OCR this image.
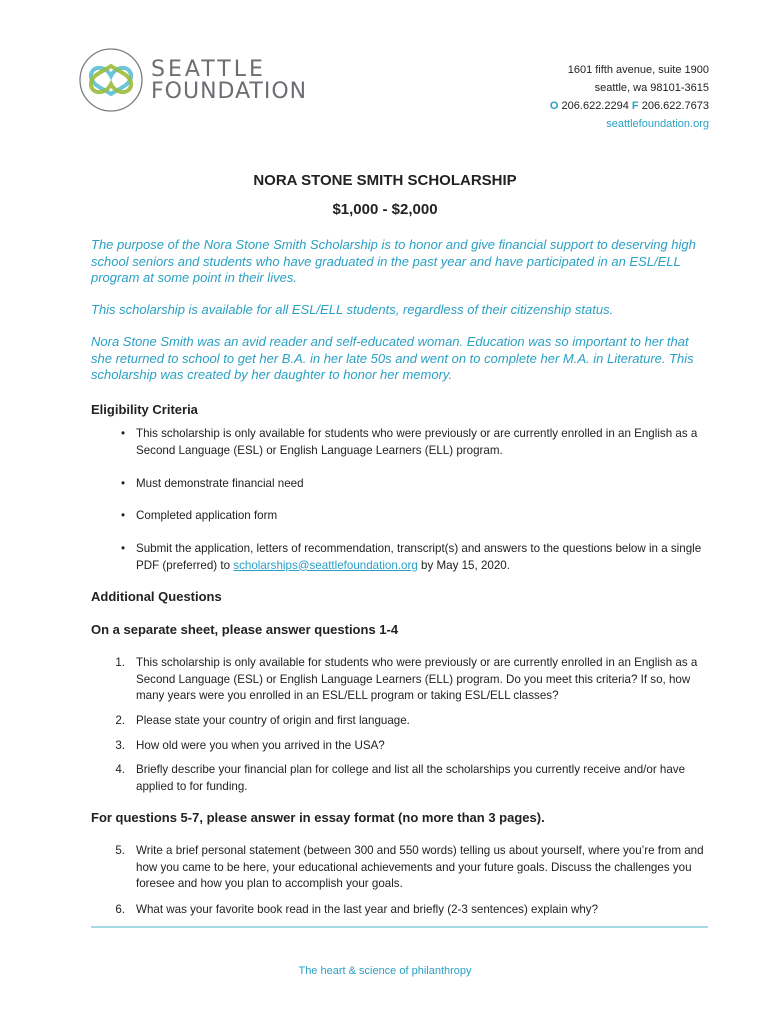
SEATTLE
FOUNDATION
1601 fifth avenue, suite 1900
seattle, wa 98101-3615
O 206.622.2294 F 206.622.7673
seattlefoundation.org
NORA STONE SMITH SCHOLARSHIP
$1,000 - $2,000
The purpose of the Nora Stone Smith Scholarship is to honor and give financial support to deserving high school seniors and students who have graduated in the past year and have participated in an ESL/ELL program at some point in their lives.
This scholarship is available for all ESL/ELL students, regardless of their citizenship status.
Nora Stone Smith was an avid reader and self-educated woman. Education was so important to her that she returned to school to get her B.A. in her late 50s and went on to complete her M.A. in Literature. This scholarship was created by her daughter to honor her memory.
Eligibility Criteria
• This scholarship is only available for students who were previously or are currently enrolled in an English as a Second Language (ESL) or English Language Learners (ELL) program.
• Must demonstrate financial need
• Completed application form
• Submit the application, letters of recommendation, transcript(s) and answers to the questions below in a single PDF (preferred) to scholarships@seattlefoundation.org by May 15, 2020.
Additional Questions
On a separate sheet, please answer questions 1-4
1. This scholarship is only available for students who were previously or are currently enrolled in an English as a Second Language (ESL) or English Language Learners (ELL) program. Do you meet this criteria? If so, how many years were you enrolled in an ESL/ELL program or taking ESL/ELL classes?
2. Please state your country of origin and first language.
3. How old were you when you arrived in the USA?
4. Briefly describe your financial plan for college and list all the scholarships you currently receive and/or have applied to for funding.
For questions 5-7, please answer in essay format (no more than 3 pages).
5. Write a brief personal statement (between 300 and 550 words) telling us about yourself, where you’re from and how you came to be here, your educational achievements and your future goals. Discuss the challenges you foresee and how you plan to accomplish your goals.
6. What was your favorite book read in the last year and briefly (2-3 sentences) explain why?
The heart & science of philanthropy
